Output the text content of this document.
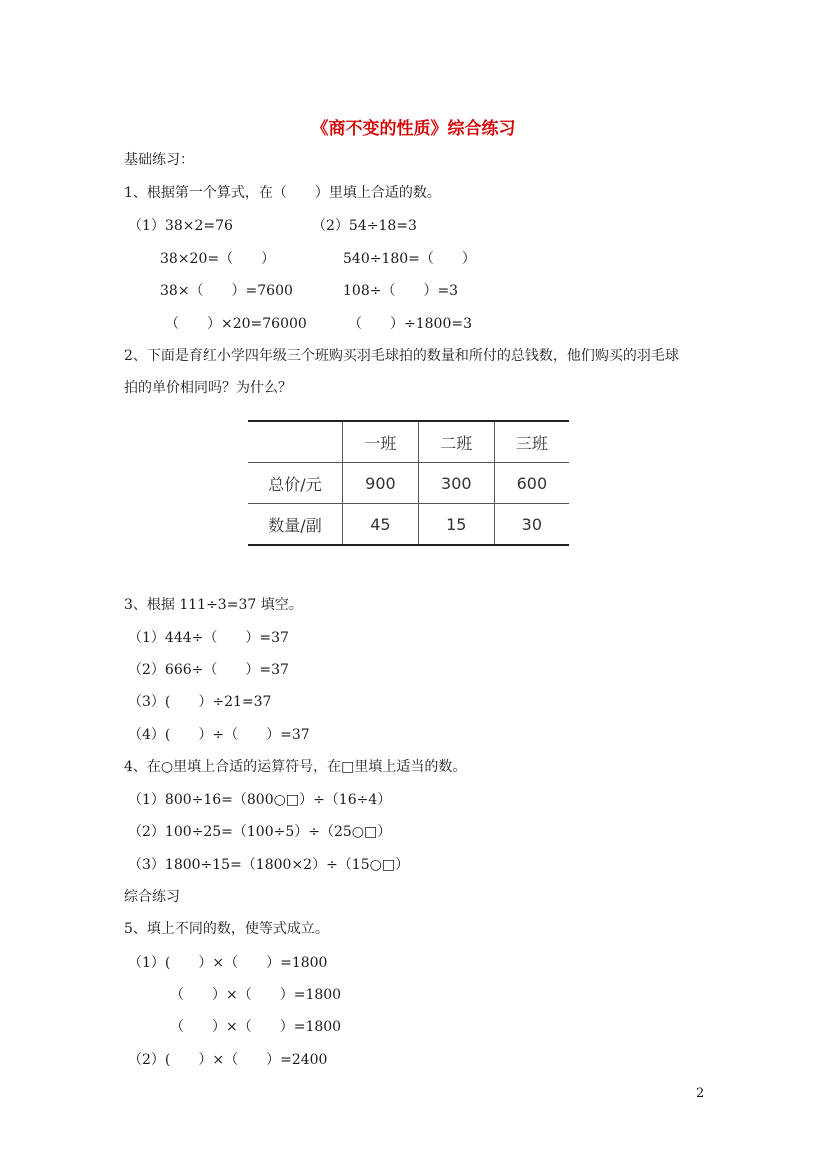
《商不变的性质》综合练习
基础练习：
1、根据第一个算式，在（　　）里填上合适的数。
（1）38×2=76
38×20=（　　）
38×（　　）=7600
（　　）×20=76000
（2）54÷18=3
540÷180=（　　）
108÷（　　）=3
（　　）÷1800=3
2、下面是育红小学四年级三个班购买羽毛球拍的数量和所付的总钱数，他们购买的羽毛球
拍的单价相同吗？为什么？
	一班	二班	三班
总价/元	900	300	600
数量/副	45	15	30
3、根据 111÷3=37 填空。
（1）444÷（　　）=37
（2）666÷（　　）=37
（3）(　　）÷21=37
（4）(　　）÷（　　）=37
4、在○里填上合适的运算符号，在□里填上适当的数。
（1）800÷16=（800○□）÷（16÷4）
（2）100÷25=（100÷5）÷（25○□）
（3）1800÷15=（1800×2）÷（15○□）
综合练习
5、填上不同的数，使等式成立。
（1）(　　）×（　　）=1800
（　　）×（　　）=1800
（　　）×（　　）=1800
（2）(　　）×（　　）=2400
2
